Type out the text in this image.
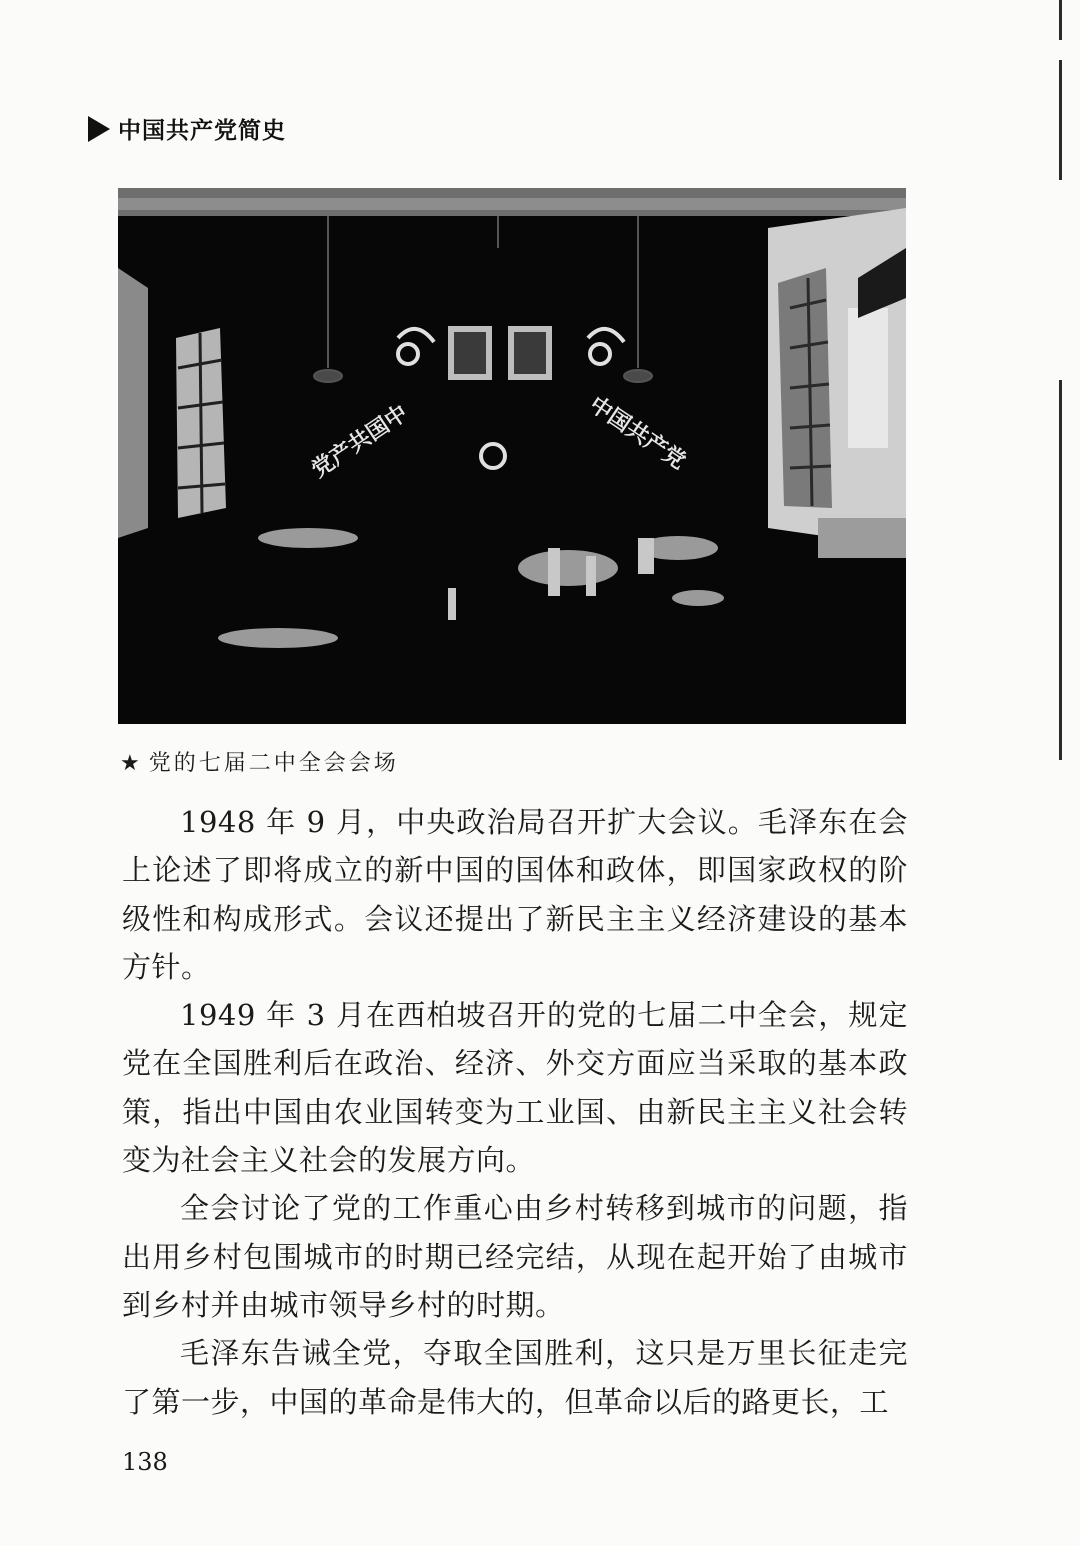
中国共产党简史
党产共国中	中国共产党
★ 党的七届二中全会会场

1948 年 9 月，中央政治局召开扩大会议。毛泽东在会上论述了即将成立的新中国的国体和政体，即国家政权的阶级性和构成形式。会议还提出了新民主主义经济建设的基本方针。

1949 年 3 月在西柏坡召开的党的七届二中全会，规定党在全国胜利后在政治、经济、外交方面应当采取的基本政策，指出中国由农业国转变为工业国、由新民主主义社会转变为社会主义社会的发展方向。

全会讨论了党的工作重心由乡村转移到城市的问题，指出用乡村包围城市的时期已经完结，从现在起开始了由城市到乡村并由城市领导乡村的时期。

毛泽东告诫全党，夺取全国胜利，这只是万里长征走完了第一步，中国的革命是伟大的，但革命以后的路更长，工

138
